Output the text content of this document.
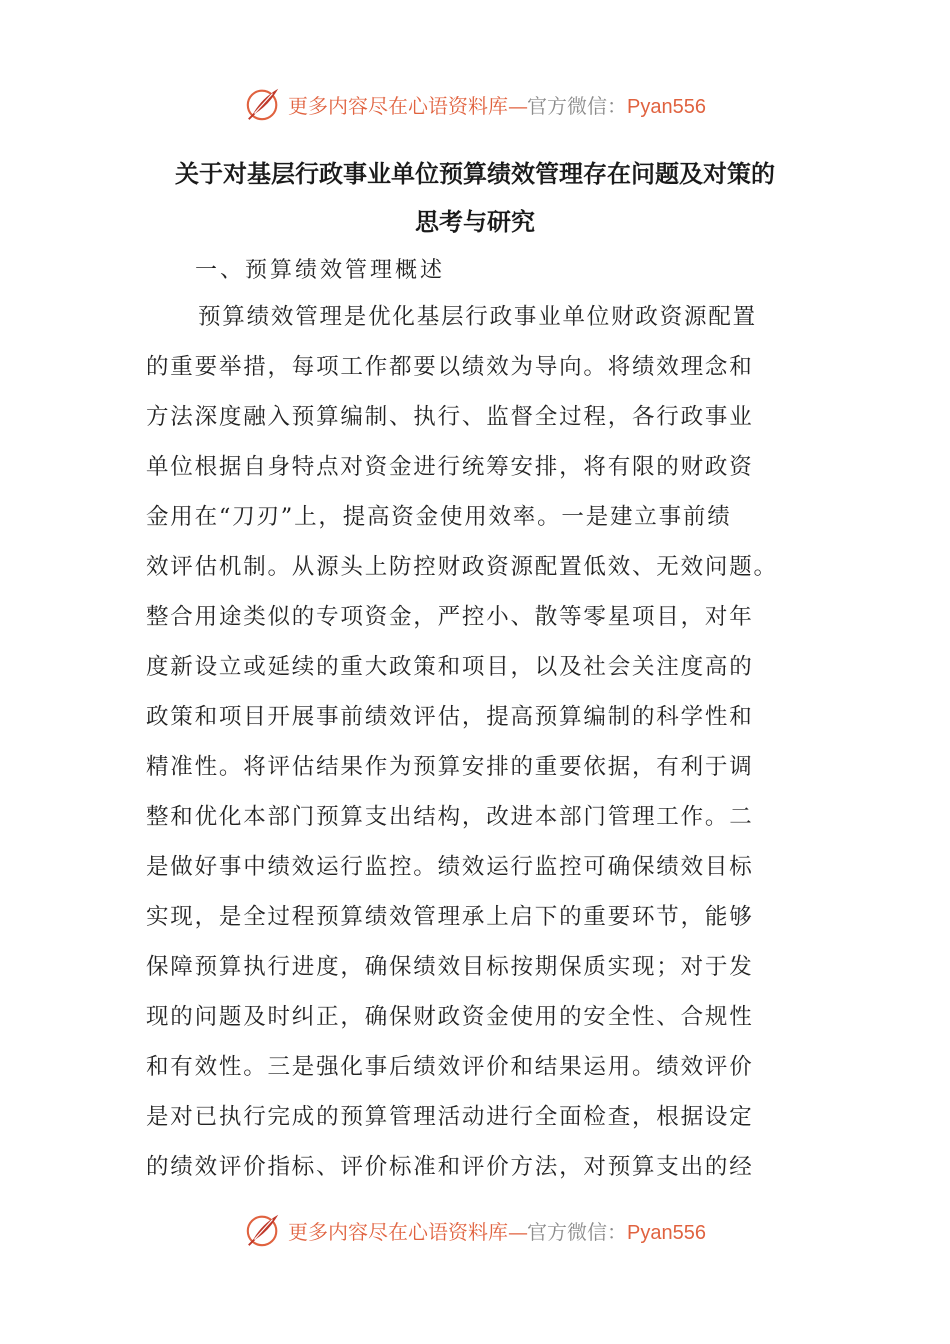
更多内容尽在心语资料库—官方微信：Pyan556
关于对基层行政事业单位预算绩效管理存在问题及对策的
思考与研究
一、预算绩效管理概述
预算绩效管理是优化基层行政事业单位财政资源配置
的重要举措，每项工作都要以绩效为导向。将绩效理念和
方法深度融入预算编制、执行、监督全过程，各行政事业
单位根据自身特点对资金进行统筹安排，将有限的财政资
金用在“刀刃”上，提高资金使用效率。一是建立事前绩
效评估机制。从源头上防控财政资源配置低效、无效问题。
整合用途类似的专项资金，严控小、散等零星项目，对年
度新设立或延续的重大政策和项目，以及社会关注度高的
政策和项目开展事前绩效评估，提高预算编制的科学性和
精准性。将评估结果作为预算安排的重要依据，有利于调
整和优化本部门预算支出结构，改进本部门管理工作。二
是做好事中绩效运行监控。绩效运行监控可确保绩效目标
实现，是全过程预算绩效管理承上启下的重要环节，能够
保障预算执行进度，确保绩效目标按期保质实现；对于发
现的问题及时纠正，确保财政资金使用的安全性、合规性
和有效性。三是强化事后绩效评价和结果运用。绩效评价
是对已执行完成的预算管理活动进行全面检查，根据设定
的绩效评价指标、评价标准和评价方法，对预算支出的经
更多内容尽在心语资料库—官方微信：Pyan556
